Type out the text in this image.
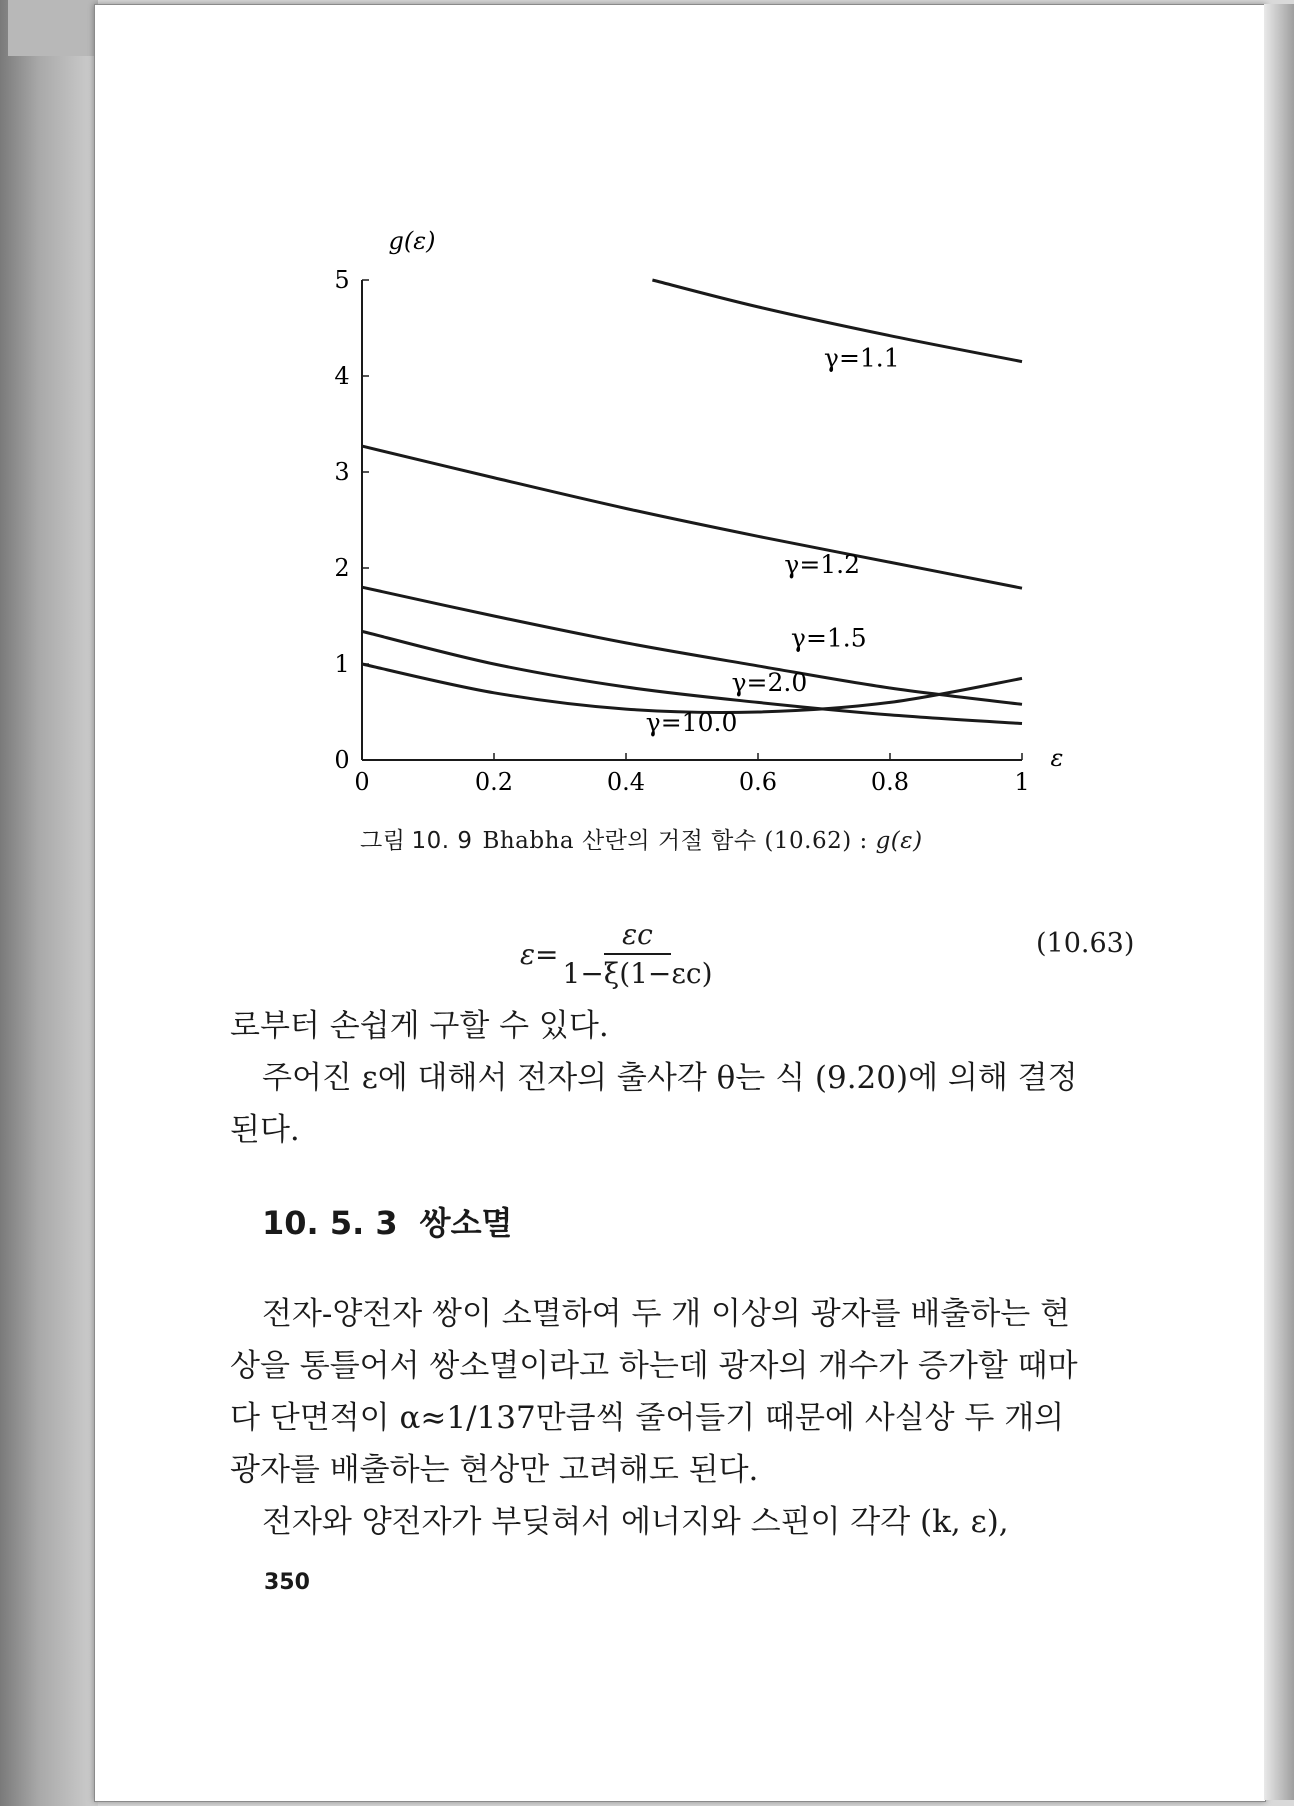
0	0.2	0.4	0.6	0.8	1
0
1
2
3
4
5
g(ε)
ε
γ=1.1
γ=1.2
γ=1.5
γ=2.0
γ=10.0
그림 10. 9 Bhabha 산란의 거절 함수 (10.62) : g(ε)
$\varepsilon= \frac{\varepsilon c}{1-\xi(1-\varepsilon c)}$	(10.63)
로부터 손쉽게 구할 수 있다.
주어진 ε에 대해서 전자의 출사각 θ는 식 (9.20)에 의해 결정
된다.
10. 5. 3 쌍소멸
전자-양전자 쌍이 소멸하여 두 개 이상의 광자를 배출하는 현
상을 통틀어서 쌍소멸이라고 하는데 광자의 개수가 증가할 때마
다 단면적이 α≈1/137만큼씩 줄어들기 때문에 사실상 두 개의
광자를 배출하는 현상만 고려해도 된다.
전자와 양전자가 부딪혀서 에너지와 스핀이 각각 (k, ε),
350
